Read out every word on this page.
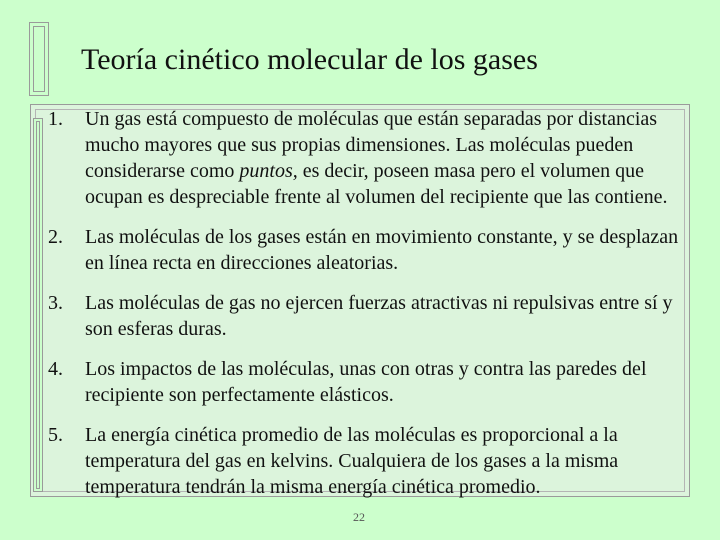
Teoría cinético molecular de los gases
1. Un gas está compuesto de moléculas que están separadas por distancias mucho mayores que sus propias dimensiones. Las moléculas pueden considerarse como puntos, es decir, poseen masa pero el volumen que ocupan es despreciable frente al volumen del recipiente que las contiene.
2. Las moléculas de los gases están en movimiento constante, y se desplazan en línea recta en direcciones aleatorias.
3. Las moléculas de gas no ejercen fuerzas atractivas ni repulsivas entre sí y son esferas duras.
4. Los impactos de las moléculas, unas con otras y contra las paredes del recipiente son perfectamente elásticos.
5. La energía cinética promedio de las moléculas es proporcional a la temperatura del gas en kelvins. Cualquiera de los gases a la misma temperatura tendrán la misma energía cinética promedio.
22
